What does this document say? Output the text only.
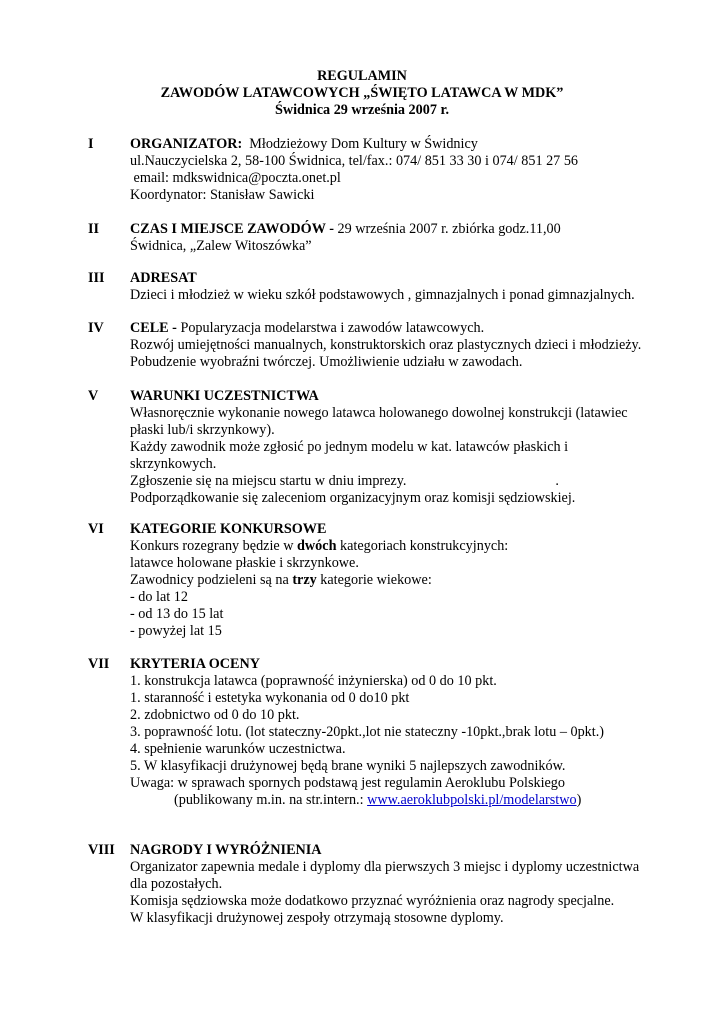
REGULAMIN
ZAWODÓW LATAWCOWYCH „ŚWIĘTO LATAWCA W MDK”
Świdnica 29 września 2007 r.
I	ORGANIZATOR:  Młodzieżowy Dom Kultury w Świdnicy
ul.Nauczycielska 2, 58-100 Świdnica, tel/fax.: 074/ 851 33 30 i 074/ 851 27 56
email: mdkswidnica@poczta.onet.pl
Koordynator: Stanisław Sawicki
II CZAS I MIEJSCE ZAWODÓW - 29 września 2007 r. zbiórka godz.11,00
Świdnica, „Zalew Witoszówka”
III ADRESAT
Dzieci i młodzież w wieku szkół podstawowych , gimnazjalnych i ponad gimnazjalnych.
IV CELE - Popularyzacja modelarstwa i zawodów latawcowych.
Rozwój umiejętności manualnych, konstruktorskich oraz plastycznych dzieci i młodzieży.
Pobudzenie wyobraźni twórczej. Umożliwienie udziału w zawodach.
V WARUNKI UCZESTNICTWA
Własnoręcznie wykonanie nowego latawca holowanego dowolnej konstrukcji (latawiec
płaski lub/i skrzynkowy).
Każdy zawodnik może zgłosić po jednym modelu w kat. latawców płaskich i
skrzynkowych.
Zgłoszenie się na miejscu startu w dniu imprezy.                                          .
Podporządkowanie się zaleceniom organizacyjnym oraz komisji sędziowskiej.
VI KATEGORIE KONKURSOWE
Konkurs rozegrany będzie w dwóch kategoriach konstrukcyjnych:
latawce holowane płaskie i skrzynkowe.
Zawodnicy podzieleni są na trzy kategorie wiekowe:
- do lat 12
- od 13 do 15 lat
- powyżej lat 15
VII KRYTERIA OCENY
1. konstrukcja latawca (poprawność inżynierska) od 0 do 10 pkt.
1. staranność i estetyka wykonania od 0 do10 pkt
2. zdobnictwo od 0 do 10 pkt.
3. poprawność lotu. (lot stateczny-20pkt.,lot nie stateczny -10pkt.,brak lotu – 0pkt.)
4. spełnienie warunków uczestnictwa.
5. W klasyfikacji drużynowej będą brane wyniki 5 najlepszych zawodników.
Uwaga: w sprawach spornych podstawą jest regulamin Aeroklubu Polskiego
(publikowany m.in. na str.intern.: www.aeroklubpolski.pl/modelarstwo)
VIII NAGRODY I WYRÓŻNIENIA
Organizator zapewnia medale i dyplomy dla pierwszych 3 miejsc i dyplomy uczestnictwa
dla pozostałych.
Komisja sędziowska może dodatkowo przyznać wyróżnienia oraz nagrody specjalne.
W klasyfikacji drużynowej zespoły otrzymają stosowne dyplomy.
